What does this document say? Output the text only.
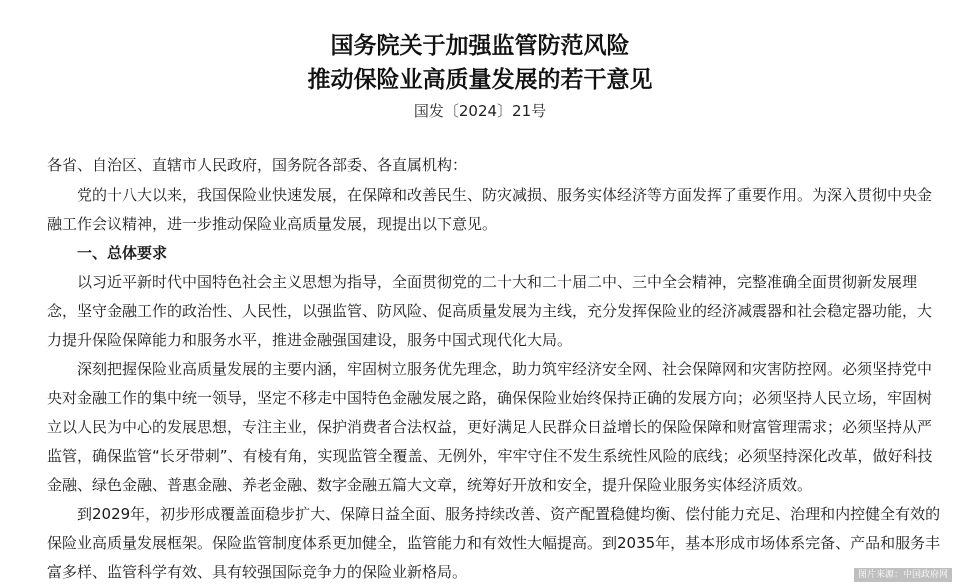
国务院关于加强监管防范风险
推动保险业高质量发展的若干意见
国发〔2024〕21号
各省、自治区、直辖市人民政府，国务院各部委、各直属机构：
党的十八大以来，我国保险业快速发展，在保障和改善民生、防灾减损、服务实体经济等方面发挥了重要作用。为深入贯彻中央金
融工作会议精神，进一步推动保险业高质量发展，现提出以下意见。
一、总体要求
以习近平新时代中国特色社会主义思想为指导，全面贯彻党的二十大和二十届二中、三中全会精神，完整准确全面贯彻新发展理
念，坚守金融工作的政治性、人民性，以强监管、防风险、促高质量发展为主线，充分发挥保险业的经济减震器和社会稳定器功能，大
力提升保险保障能力和服务水平，推进金融强国建设，服务中国式现代化大局。
深刻把握保险业高质量发展的主要内涵，牢固树立服务优先理念，助力筑牢经济安全网、社会保障网和灾害防控网。必须坚持党中
央对金融工作的集中统一领导，坚定不移走中国特色金融发展之路，确保保险业始终保持正确的发展方向；必须坚持人民立场，牢固树
立以人民为中心的发展思想，专注主业，保护消费者合法权益，更好满足人民群众日益增长的保险保障和财富管理需求；必须坚持从严
监管，确保监管“长牙带刺”、有棱有角，实现监管全覆盖、无例外，牢牢守住不发生系统性风险的底线；必须坚持深化改革，做好科技
金融、绿色金融、普惠金融、养老金融、数字金融五篇大文章，统筹好开放和安全，提升保险业服务实体经济质效。
到2029年，初步形成覆盖面稳步扩大、保障日益全面、服务持续改善、资产配置稳健均衡、偿付能力充足、治理和内控健全有效的
保险业高质量发展框架。保险监管制度体系更加健全，监管能力和有效性大幅提高。到2035年，基本形成市场体系完备、产品和服务丰
富多样、监管科学有效、具有较强国际竞争力的保险业新格局。	图片来源：中国政府网
